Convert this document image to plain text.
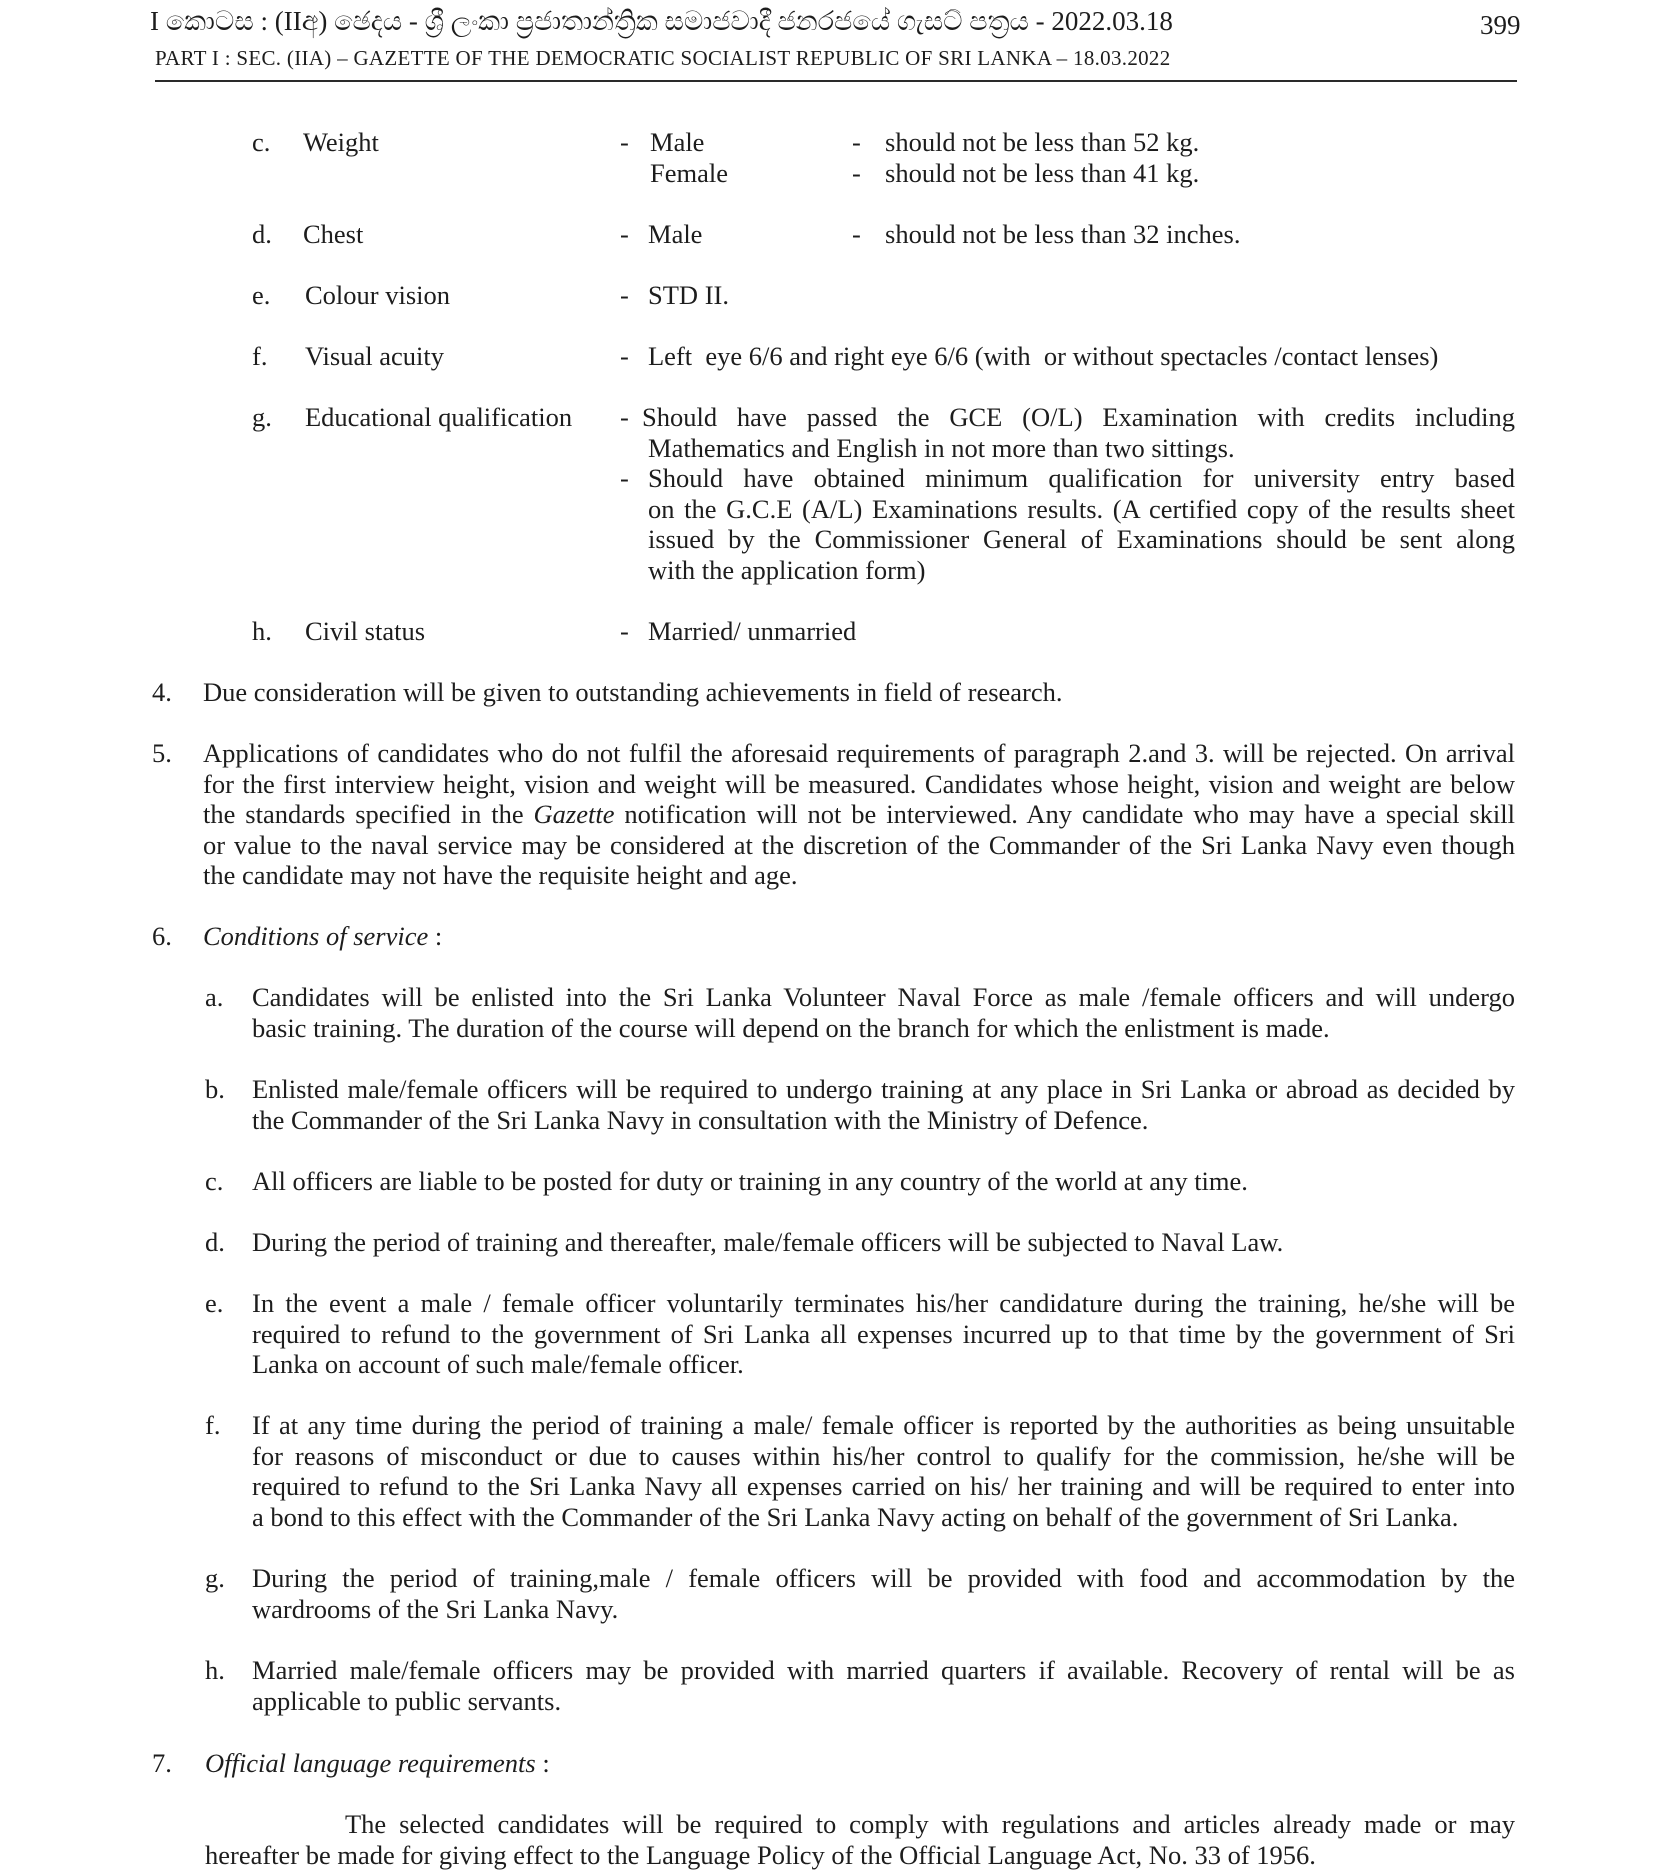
I කොටස : (IIඅ) ඡෙදය - ශ්‍රී ලංකා ප්‍රජාතාන්ත්‍රික සමාජවාදී ජනරජයේ ගැසට් පත්‍රය - 2022.03.18
PART I : SEC. (IIA) – GAZETTE OF THE DEMOCRATIC SOCIALIST REPUBLIC OF SRI LANKA – 18.03.2022
399
c. Weight	- Male	- should not be less than 52 kg.
Female	- should not be less than 41 kg.
d. Chest	- Male	- should not be less than 32 inches.
e. Colour vision	- STD II.
f. Visual acuity	- Left  eye 6/6 and right eye 6/6 (with  or without spectacles /contact lenses)
g. Educational qualification - Should have passed the GCE (O/L) Examination with credits including
Mathematics and English in not more than two sittings.
- Should have obtained minimum qualification for university entry based
on the G.C.E (A/L) Examinations results. (A certified copy of the results sheet
issued by the Commissioner General of Examinations should be sent along
with the application form)
h. Civil status	- Married/ unmarried
4. Due consideration will be given to outstanding achievements in field of research.
5. Applications of candidates who do not fulfil the aforesaid requirements of paragraph 2.and 3. will be rejected. On arrival
for the first interview height, vision and weight will be measured. Candidates whose height, vision and weight are below
the standards specified in the Gazette notification will not be interviewed. Any candidate who may have a special skill
or value to the naval service may be considered at the discretion of the Commander of the Sri Lanka Navy even though
the candidate may not have the requisite height and age.
6. Conditions of service :
a. Candidates will be enlisted into the Sri Lanka Volunteer Naval Force as male /female officers and will undergo
basic training. The duration of the course will depend on the branch for which the enlistment is made.
b. Enlisted male/female officers will be required to undergo training at any place in Sri Lanka or abroad as decided by
the Commander of the Sri Lanka Navy in consultation with the Ministry of Defence.
c. All officers are liable to be posted for duty or training in any country of the world at any time.
d. During the period of training and thereafter, male/female officers will be subjected to Naval Law.
e. In the event a male / female officer voluntarily terminates his/her candidature during the training, he/she will be
required to refund to the government of Sri Lanka all expenses incurred up to that time by the government of Sri
Lanka on account of such male/female officer.
f. If at any time during the period of training a male/ female officer is reported by the authorities as being unsuitable
for reasons of misconduct or due to causes within his/her control to qualify for the commission, he/she will be
required to refund to the Sri Lanka Navy all expenses carried on his/ her training and will be required to enter into
a bond to this effect with the Commander of the Sri Lanka Navy acting on behalf of the government of Sri Lanka.
g. During the period of training,male / female officers will be provided with food and accommodation by the
wardrooms of the Sri Lanka Navy.
h. Married male/female officers may be provided with married quarters if available. Recovery of rental will be as
applicable to public servants.
7. Official language requirements :
The selected candidates will be required to comply with regulations and articles already made or may
hereafter be made for giving effect to the Language Policy of the Official Language Act, No. 33 of 1956.
